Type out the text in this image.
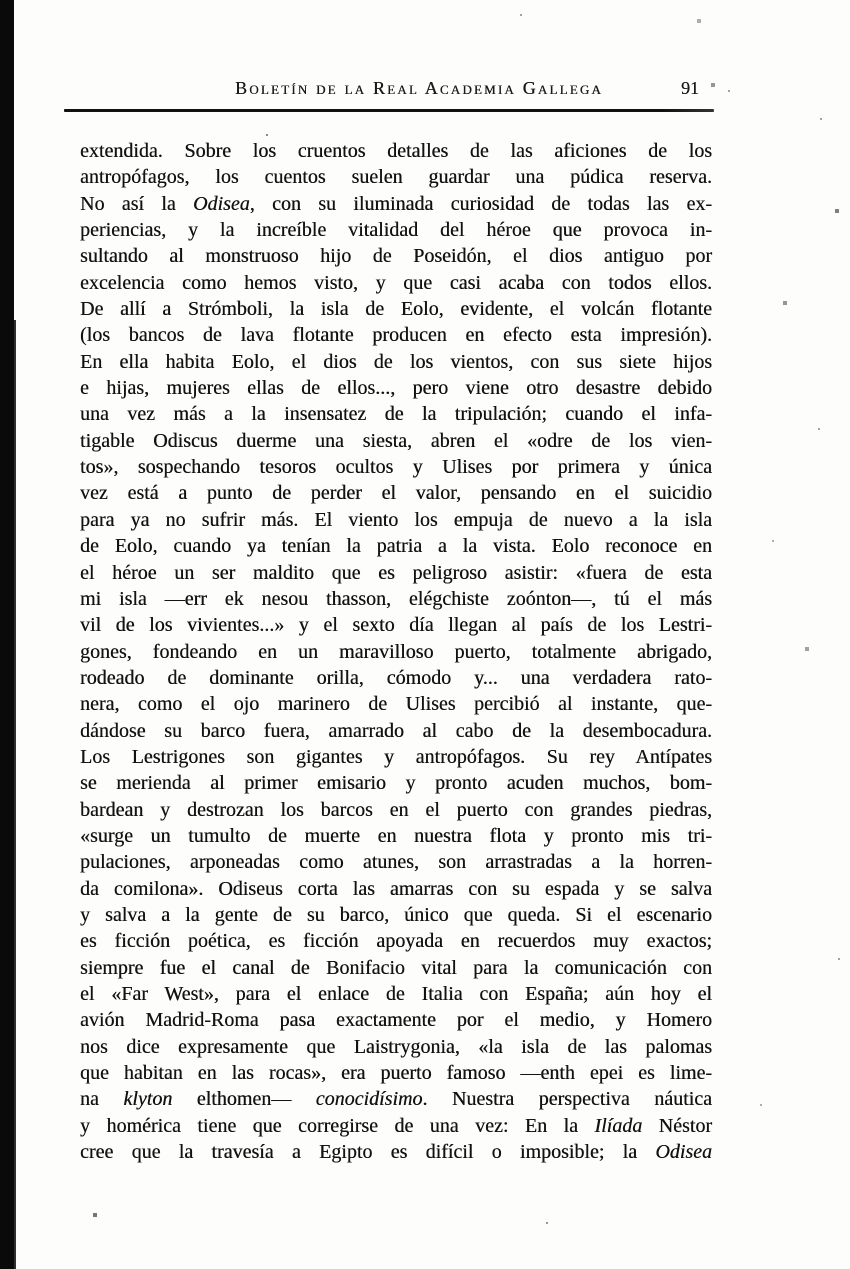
Boletín de la Real Academia Gallega	91
extendida. Sobre los cruentos detalles de las aficiones de los
antropófagos, los cuentos suelen guardar una púdica reserva.
No así la Odisea, con su iluminada curiosidad de todas las ex-
periencias, y la increíble vitalidad del héroe que provoca in-
sultando al monstruoso hijo de Poseidón, el dios antiguo por
excelencia como hemos visto, y que casi acaba con todos ellos.
De allí a Strómboli, la isla de Eolo, evidente, el volcán flotante
(los bancos de lava flotante producen en efecto esta impresión).
En ella habita Eolo, el dios de los vientos, con sus siete hijos
e hijas, mujeres ellas de ellos..., pero viene otro desastre debido
una vez más a la insensatez de la tripulación; cuando el infa-
tigable Odiscus duerme una siesta, abren el «odre de los vien-
tos», sospechando tesoros ocultos y Ulises por primera y única
vez está a punto de perder el valor, pensando en el suicidio
para ya no sufrir más. El viento los empuja de nuevo a la isla
de Eolo, cuando ya tenían la patria a la vista. Eolo reconoce en
el héroe un ser maldito que es peligroso asistir: «fuera de esta
mi isla —err ek nesou thasson, elégchiste zoónton—, tú el más
vil de los vivientes...» y el sexto día llegan al país de los Lestri-
gones, fondeando en un maravilloso puerto, totalmente abrigado,
rodeado de dominante orilla, cómodo y... una verdadera rato-
nera, como el ojo marinero de Ulises percibió al instante, que-
dándose su barco fuera, amarrado al cabo de la desembocadura.
Los Lestrigones son gigantes y antropófagos. Su rey Antípates
se merienda al primer emisario y pronto acuden muchos, bom-
bardean y destrozan los barcos en el puerto con grandes piedras,
«surge un tumulto de muerte en nuestra flota y pronto mis tri-
pulaciones, arponeadas como atunes, son arrastradas a la horren-
da comilona». Odiseus corta las amarras con su espada y se salva
y salva a la gente de su barco, único que queda. Si el escenario
es ficción poética, es ficción apoyada en recuerdos muy exactos;
siempre fue el canal de Bonifacio vital para la comunicación con
el «Far West», para el enlace de Italia con España; aún hoy el
avión Madrid-Roma pasa exactamente por el medio, y Homero
nos dice expresamente que Laistrygonia, «la isla de las palomas
que habitan en las rocas», era puerto famoso —enth epei es lime-
na klyton elthomen— conocidísimo. Nuestra perspectiva náutica
y homérica tiene que corregirse de una vez: En la Ilíada Néstor
cree que la travesía a Egipto es difícil o imposible; la Odisea
